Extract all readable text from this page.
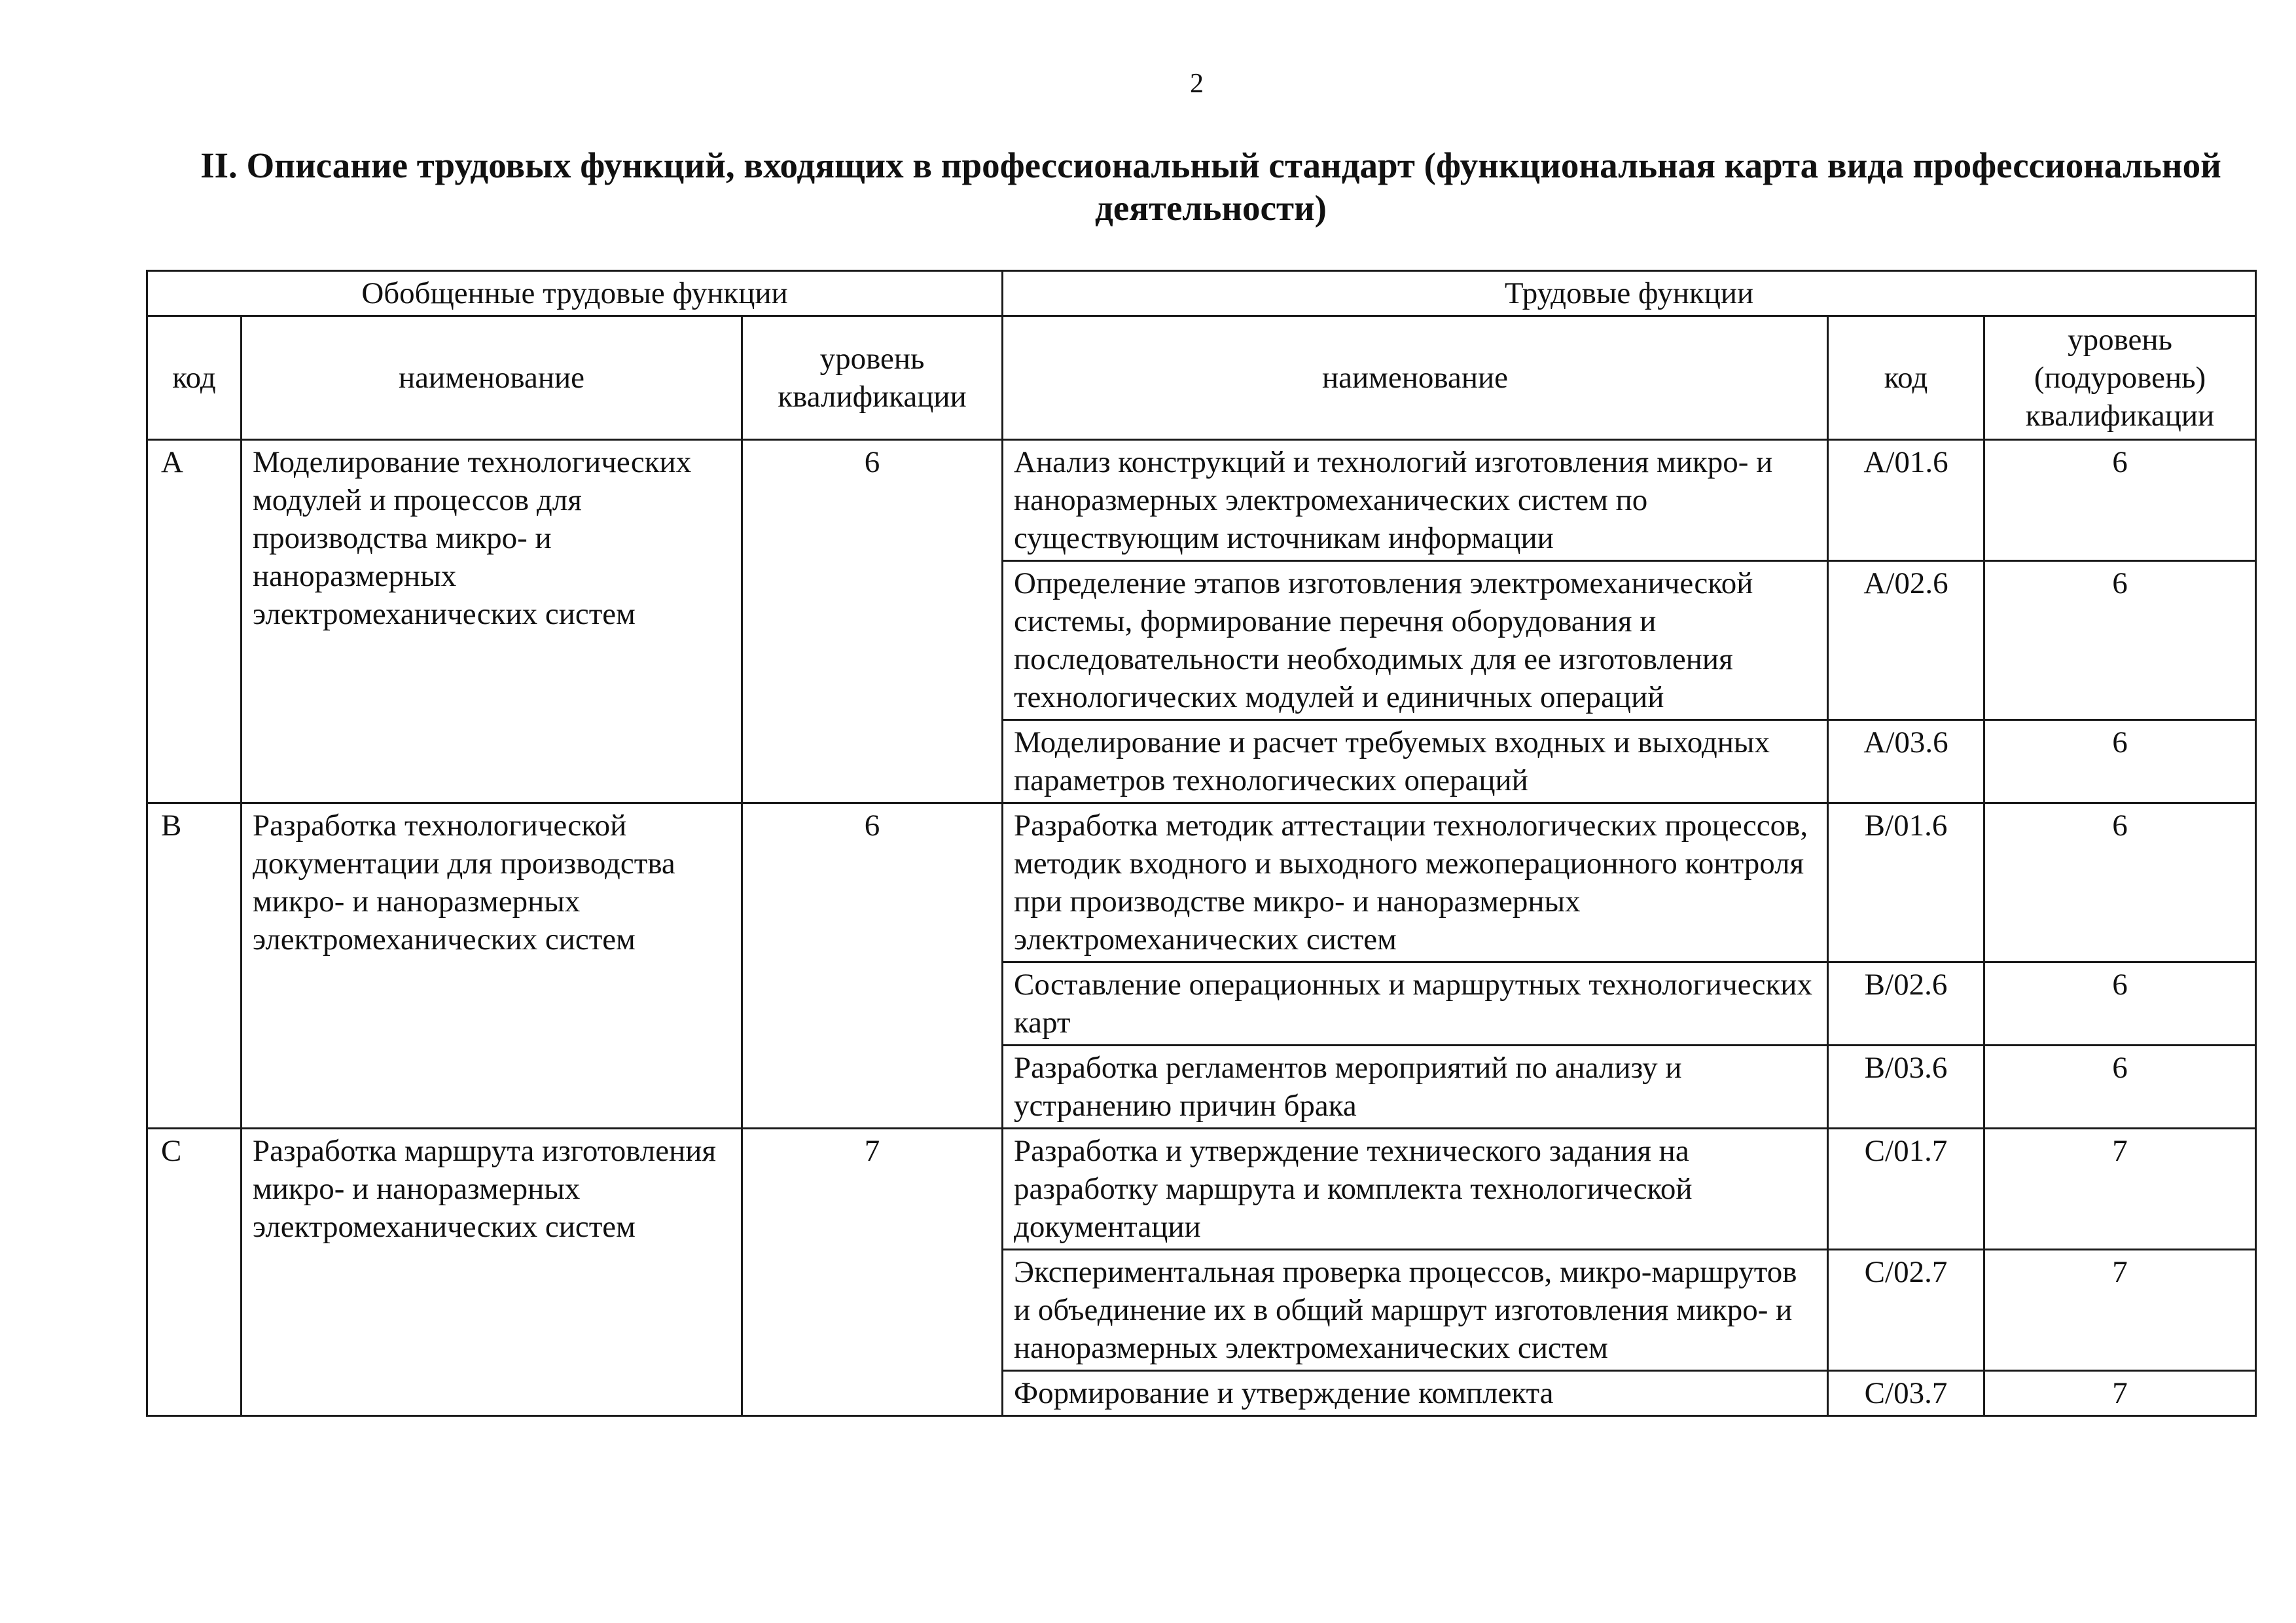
2
II. Описание трудовых функций, входящих в профессиональный стандарт (функциональная карта вида профессиональной деятельности)
Обобщенные трудовые функции			Трудовые функции		
код	наименование	уровень квалификации	наименование	код	уровень (подуровень) квалификации
A	Моделирование технологических модулей и процессов для производства микро- и наноразмерных электромеханических систем	6	Анализ конструкций и технологий изготовления микро- и наноразмерных электромеханических систем по существующим источникам информации	A/01.6	6
			Определение этапов изготовления электромеханической системы, формирование перечня оборудования и последовательности необходимых для ее изготовления технологических модулей и единичных операций	A/02.6	6
			Моделирование и расчет требуемых входных и выходных параметров технологических операций	A/03.6	6
B	Разработка технологической документации для производства микро- и наноразмерных электромеханических систем	6	Разработка методик аттестации технологических процессов, методик входного и выходного межоперационного контроля при производстве микро- и наноразмерных электромеханических систем	B/01.6	6
			Составление операционных и маршрутных технологических карт	B/02.6	6
			Разработка регламентов мероприятий по анализу и устранению причин брака	B/03.6	6
C	Разработка маршрута изготовления микро- и наноразмерных электромеханических систем	7	Разработка и утверждение технического задания на разработку маршрута и комплекта технологической документации	C/01.7	7
			Экспериментальная проверка процессов, микро-маршрутов и объединение их в общий маршрут изготовления микро- и наноразмерных электромеханических систем	C/02.7	7
			Формирование и утверждение комплекта	C/03.7	7
